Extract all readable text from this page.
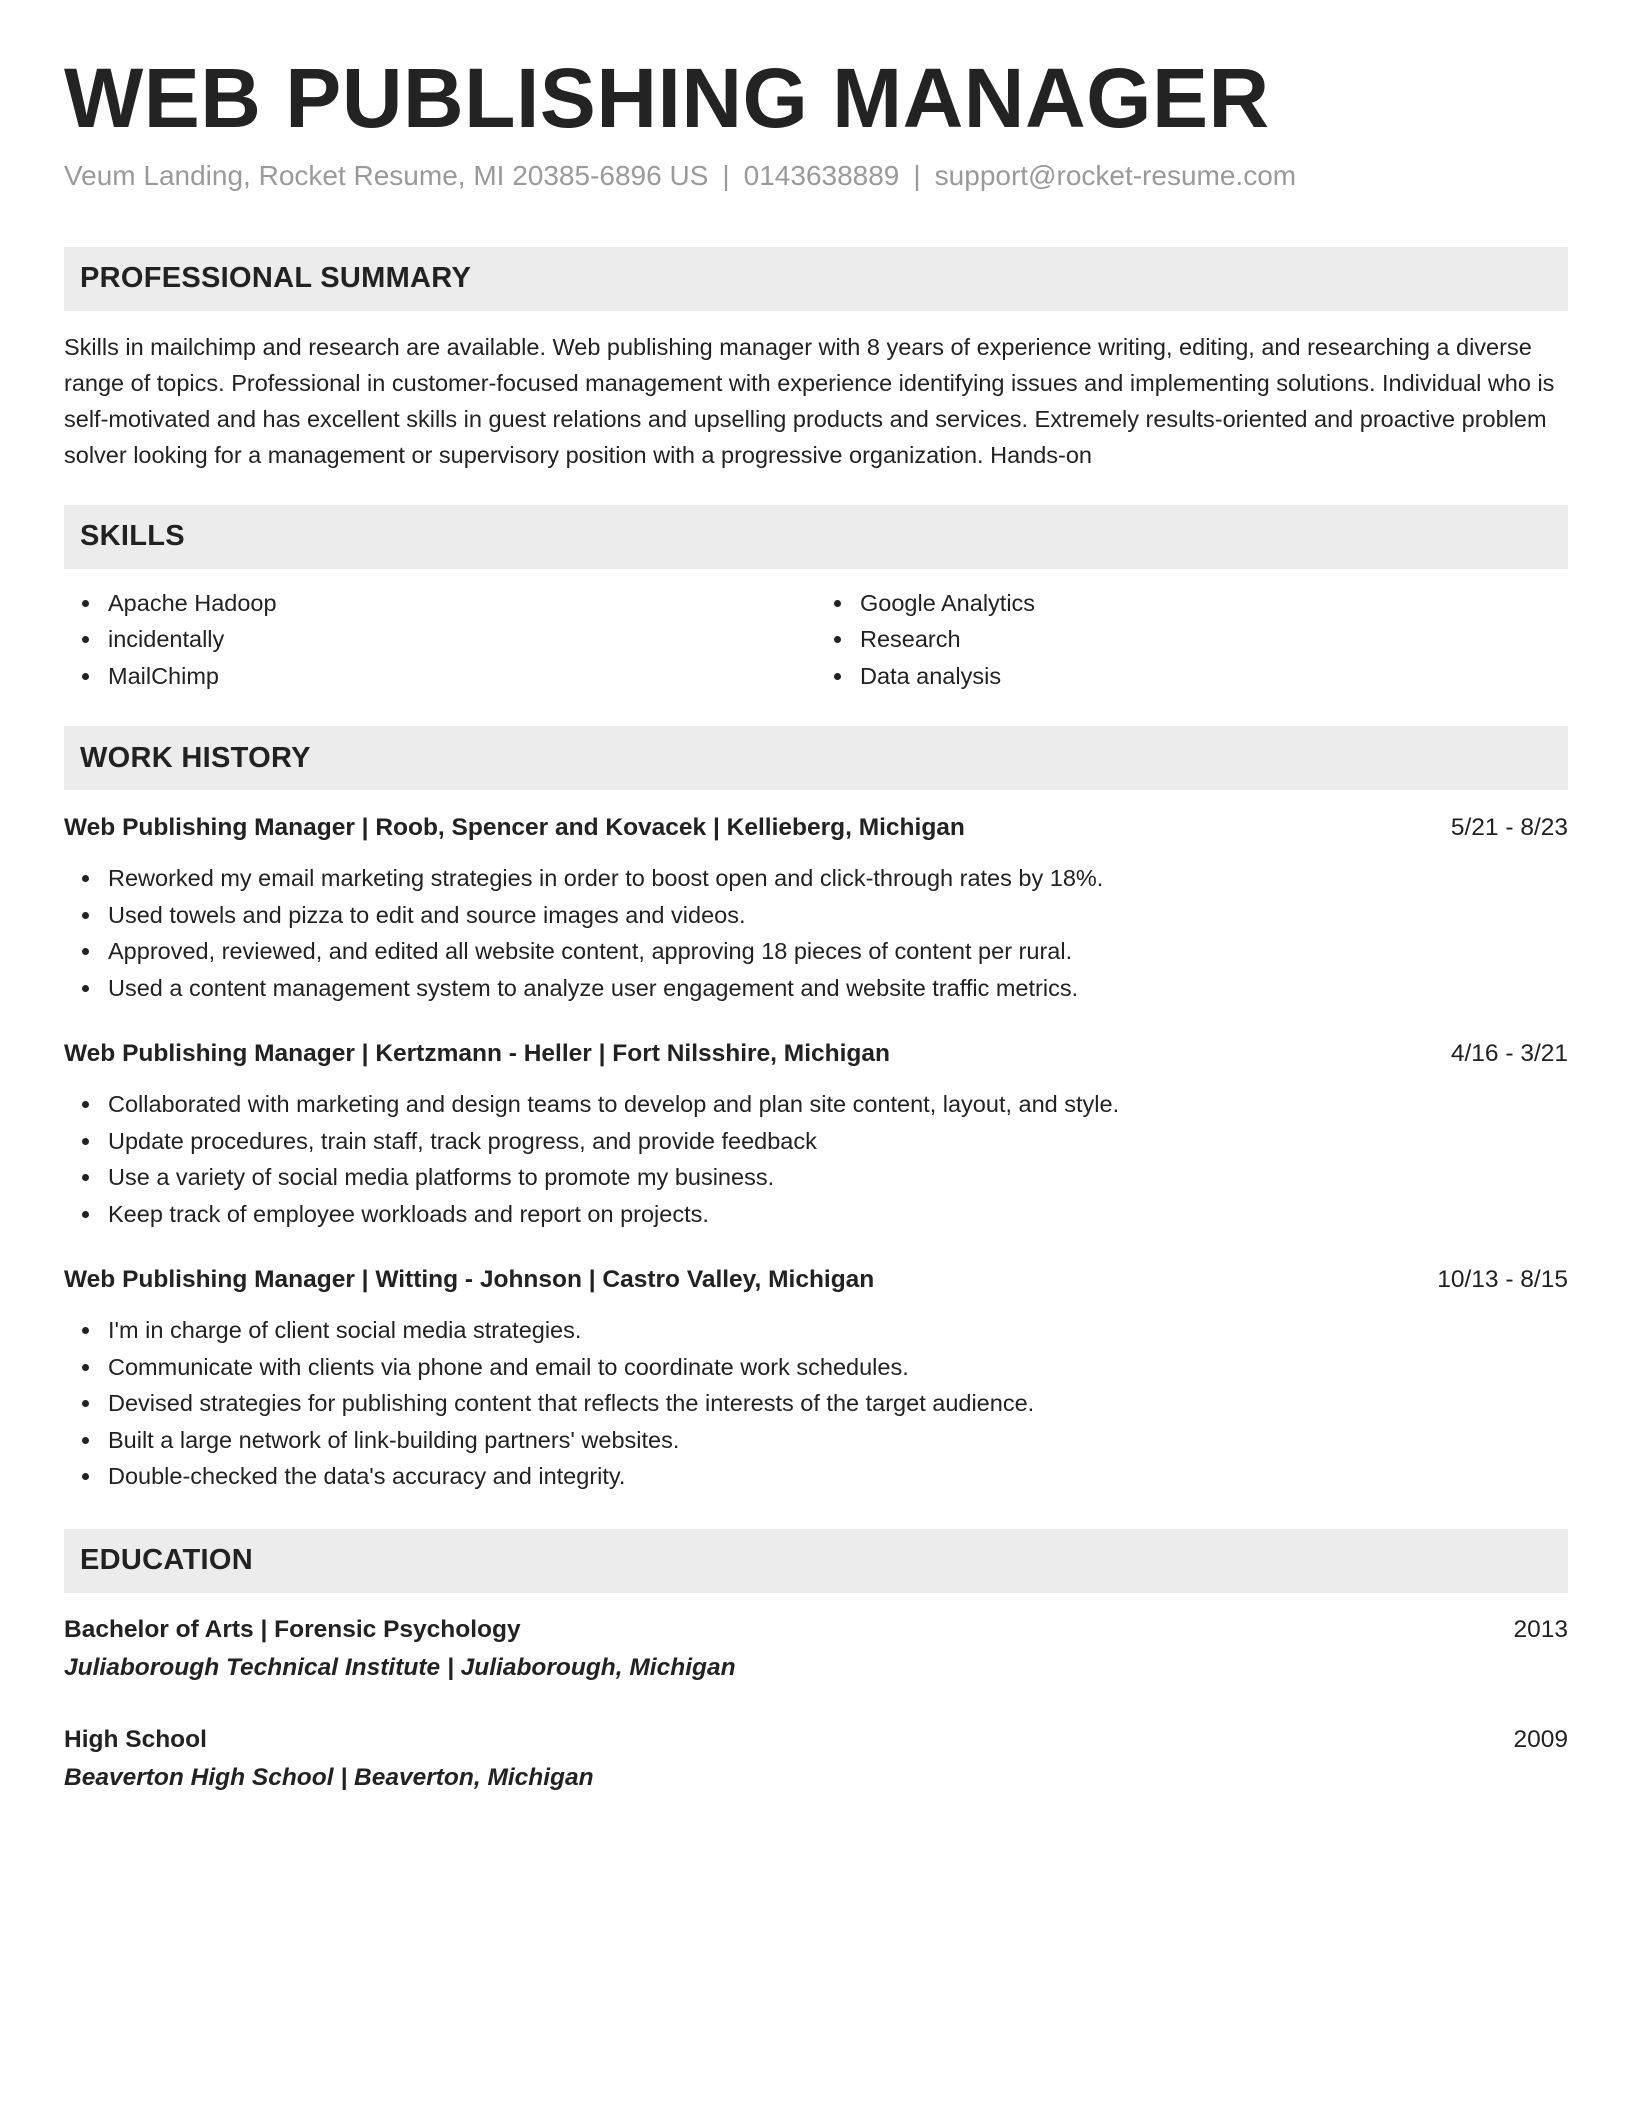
WEB PUBLISHING MANAGER
Veum Landing, Rocket Resume, MI 20385-6896 US | 0143638889 | support@rocket-resume.com
PROFESSIONAL SUMMARY

Skills in mailchimp and research are available. Web publishing manager with 8 years of experience writing, editing, and researching a diverse range of topics. Professional in customer-focused management with experience identifying issues and implementing solutions. Individual who is self-motivated and has excellent skills in guest relations and upselling products and services. Extremely results-oriented and proactive problem solver looking for a management or supervisory position with a progressive organization. Hands-on

SKILLS
Apache Hadoop
incidentally
MailChimp
Google Analytics
Research
Data analysis
WORK HISTORY
Web Publishing Manager | Roob, Spencer and Kovacek | Kellieberg, Michigan	5/21 - 8/23
Reworked my email marketing strategies in order to boost open and click-through rates by 18%.
Used towels and pizza to edit and source images and videos.
Approved, reviewed, and edited all website content, approving 18 pieces of content per rural.
Used a content management system to analyze user engagement and website traffic metrics.
Web Publishing Manager | Kertzmann - Heller | Fort Nilsshire, Michigan	4/16 - 3/21
Collaborated with marketing and design teams to develop and plan site content, layout, and style.
Update procedures, train staff, track progress, and provide feedback
Use a variety of social media platforms to promote my business.
Keep track of employee workloads and report on projects.
Web Publishing Manager | Witting - Johnson | Castro Valley, Michigan	10/13 - 8/15
I'm in charge of client social media strategies.
Communicate with clients via phone and email to coordinate work schedules.
Devised strategies for publishing content that reflects the interests of the target audience.
Built a large network of link-building partners' websites.
Double-checked the data's accuracy and integrity.
EDUCATION
Bachelor of Arts | Forensic Psychology	2013
Juliaborough Technical Institute | Juliaborough, Michigan
High School	2009
Beaverton High School | Beaverton, Michigan
